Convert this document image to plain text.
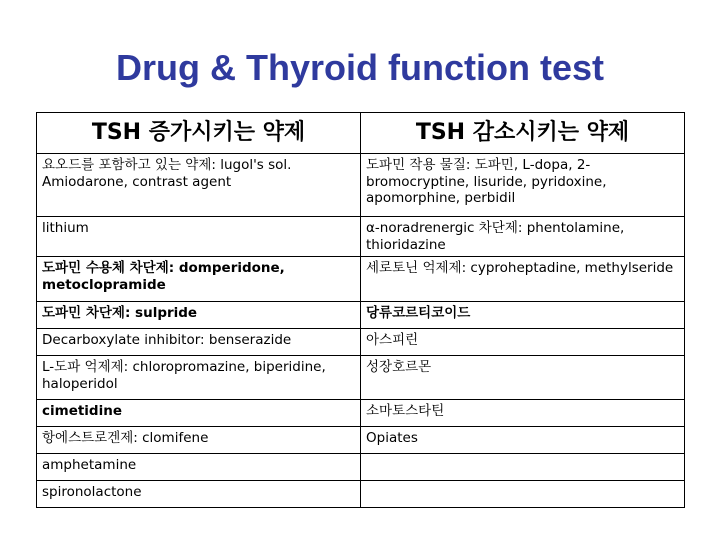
Drug & Thyroid function test
TSH 증가시키는 약제	TSH 감소시키는 약제
요오드를 포함하고 있는 약제: lugol's sol. Amiodarone, contrast agent	도파민 작용 물질: 도파민, L-dopa, 2-bromocryptine, lisuride, pyridoxine, apomorphine, perbidil
lithium	α-noradrenergic 차단제: phentolamine, thioridazine
도파민 수용체 차단제: domperidone, metoclopramide	세로토닌 억제제: cyproheptadine, methylseride
도파민 차단제: sulpride	당류코르티코이드
Decarboxylate inhibitor: benserazide	아스피린
L-도파 억제제: chloropromazine, biperidine, haloperidol	성장호르몬
cimetidine	소마토스타틴
항에스트로겐제: clomifene	Opiates
amphetamine	
spironolactone	
